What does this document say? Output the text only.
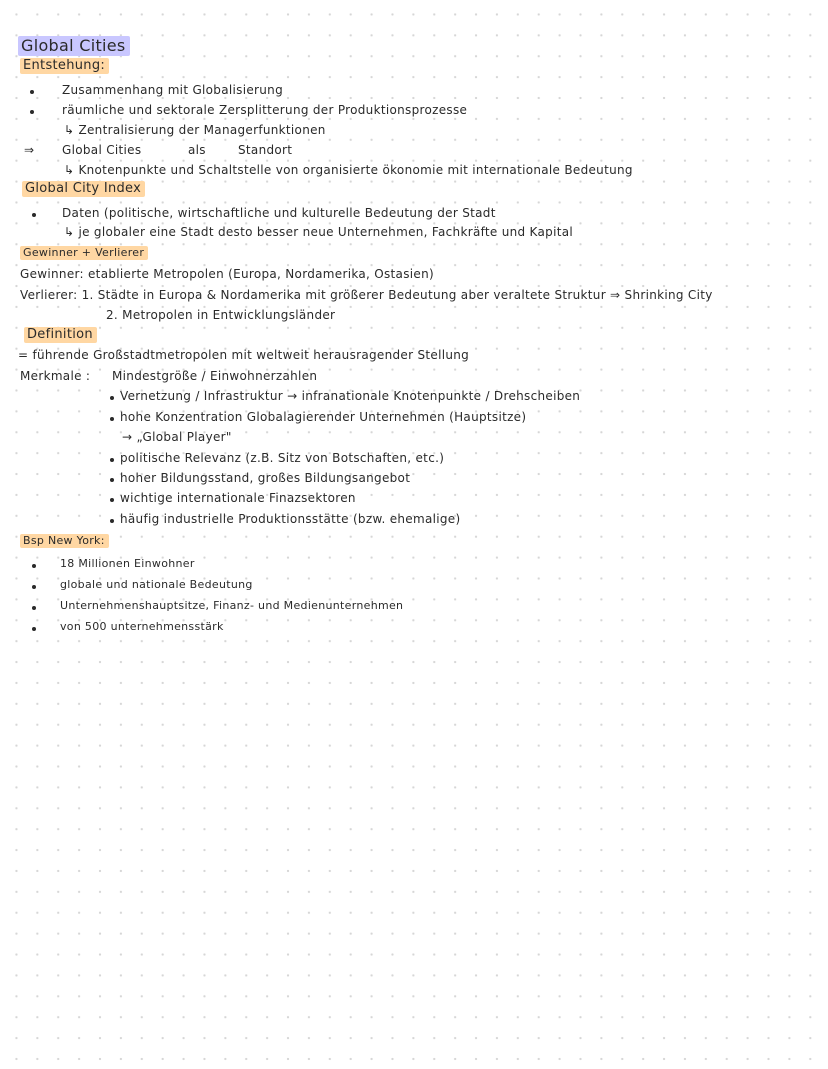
Global Cities
Entstehung:
Zusammenhang mit Globalisierung
räumliche und sektorale Zersplitterung der Produktionsprozesse
↳ Zentralisierung der Managerfunktionen
⇒ Global Cities	als	Standort
↳ Knotenpunkte und Schaltstelle von organisierte ökonomie mit internationale Bedeutung
Global City Index
Daten (politische, wirtschaftliche und kulturelle Bedeutung der Stadt
↳ je globaler eine Stadt desto besser neue Unternehmen, Fachkräfte und Kapital
Gewinner + Verlierer
Gewinner: etablierte Metropolen (Europa, Nordamerika, Ostasien)
Verlierer: 1. Städte in Europa & Nordamerika mit größerer Bedeutung aber veraltete Struktur ⇒ Shrinking City
2. Metropolen in Entwicklungsländer
Definition
= führende Großstadtmetropolen mit weltweit herausragender Stellung
Merkmale : Mindestgröße / Einwohnerzahlen
Vernetzung / Infrastruktur → infranationale Knotenpunkte / Drehscheiben
hohe Konzentration Globalagierender Unternehmen (Hauptsitze)
→ „Global Player"
politische Relevanz (z.B. Sitz von Botschaften, etc.)
hoher Bildungsstand, großes Bildungsangebot
wichtige internationale Finazsektoren
häufig industrielle Produktionsstätte (bzw. ehemalige)
Bsp New York:
18 Millionen Einwohner
globale und nationale Bedeutung
Unternehmenshauptsitze, Finanz- und Medienunternehmen
von 500 unternehmensstärk
